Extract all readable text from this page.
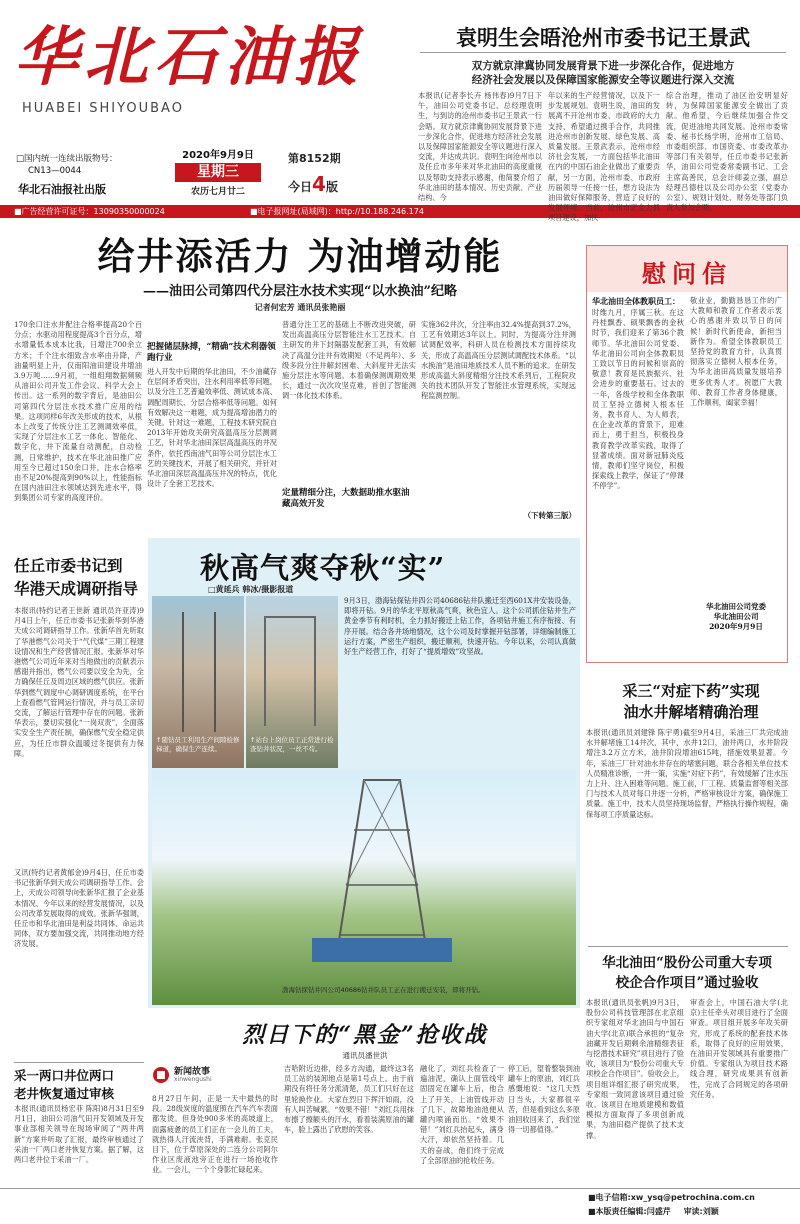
华北石油报
HUABEI SHIYOUBAO
□国内统一连续出版物号：
CN13—0044
华北石油报社出版
2020年9月9日
星期三
农历七月廿二
第8152期
今日4版
■广告经营许可证号：13090350000024	■电子报网址(局域网)：http://10.188.246.174
袁明生会晤沧州市委书记王景武
双方就京津冀协同发展背景下进一步深化合作，促进地方
经济社会发展以及保障国家能源安全等议题进行深入交流
本报讯(记者李长卉 杨伟春)9月7日下午，油田公司党委书记、总经理袁明生，与到访的沧州市委书记王景武一行会晤。双方就京津冀协同发展背景下进一步深化合作，促进地方经济社会发展以及保障国家能源安全等议题进行深入交流，并达成共识。袁明生向沧州市以及任丘市多年来对华北油田的高度重视以及帮助支持表示感谢，他简要介绍了华北油田的基本情况、历史贡献、产业结构、今
年以来的生产经营情况，以及下一步发展规划。袁明生说，油田的发展离不开沧州市委、市政府的大力支持，希望通过携手合作，共同推进沧州市创新发展、绿色发展、高质量发展。王景武表示，沧州市经济社会发展，一方面包括华北油田在内的中国石油企业做出了重要贡献，另一方面，沧州市委、市政府历届领导一任接一任，想方设法为油田做好保障服务，营造了良好的发展环境。当前，沧州市正全力抓项目建设，加快
综合治理，推动了油区治安明显好转，为保障国家能源安全做出了贡献。他希望，今后继续加强合作交流，促进油地共同发展。沧州市委常委、秘书长杨学明，沧州市工信局、市委组织部、市国资委、市委改革办等部门有关领导，任丘市委书记张新华，油田公司党委常委副书记、工会主席高善民，总会计师姜立强，副总经理吕德柱以及公司办公室（党委办公室）、规划计划处、财务处等部门负责人参加会晤。
给井添活力 为油增动能
——油田公司第四代分层注水技术实现“以水换油”纪略
记者何宏芳 通讯员张艳丽
170余口注水井配注合格率提高20个百分点；水驱动用程度提高3个百分点，增水增量低本成本比我，日增注700余立方米；千个注水细致含水率由升降，产油量明显上升，仅南阳油田建设井增油3.9万吨……9月初，一组组翔数据频频从油田公司开发工作会议、科学大会上传出。这一系列的数字背后，是油田公司第四代分层注水技术推广应用的结果。这项同样6年改关形成的技术，从根本上改变了传统分注工艺测调效率低，实现了分层注水工艺一体化、智能化、数字化，井下流量自动测配，自动检测，日常维护，技术在华北油田推广应用至今已超过150余口井，注水合格率由不足20%提高到90%以上，性能指标在国内油田注水领域达到先进水平，得到集团公司专家的高度评价。
把握储层脉搏，“精确”技术利器领跑行业
进入开发中后期的华北油田，不少油藏存在层间矛盾突出，注水利用率低等问题，以及分注工艺普遍效率低、测试成本高、调配周期长、分层合格率低等问题。如何有效解决这一难题，成为提高增油潜力的关键。针对这一难题，工程技术研究院自2013年开始攻关研究高温高压分层测调工艺，针对华北油田深层高温高压的井况条件，依托西南油气田等公司分层注水工艺的关键技术，开展了相关研究，并针对华北油田深层高温高压井况的特点，优化设计了全套工艺技术。
普通分注工艺的基础上不断改进突破，研发出高温高压分层智能注水工艺技术。自主研发的井下封隔器发配套工具，有效解决了高温分注井有效期短（不足两年）、多级多段分注井解封困难、大斜度井无法实施分层注水等问题。本着确保测调期效果长，通过一次次攻坚克难，首创了智能测调一体化技术体系。
定量精细分注，大数据助推水驱油藏高效开发
实施362井次，分注率由32.4%提高到37.2%，工艺有效期达3年以上。同时，为提高分注井测试调配效率，科研人员在检测技术方面持续攻关，形成了高温高压分层测试调配技术体系。“以水换油”是油田地质技术人员不断的追求。在研发形成高温大斜度精细分注技术系列后，工程院攻关的技术团队开发了智能注水管理系统，实现远程监测控制。
（下转第三版）
慰问信
华北油田全体教职员工：
时维九月，序属三秋。在这丹桂飘香、硕果飘香的金秋时节，我们迎来了第36个教师节。华北油田公司党委、华北油田公司向全体教职员工致以节日的问候和崇高的敬意！教育是民族振兴、社会进步的重要基石。过去的一年，各级学校和全体教职员工坚持立德树人根本任务，教书育人、为人师表，在企业改革的背景下，迎难而上，勇于担当，积极投身教育教学改革实践，取得了显著成绩。面对新冠肺炎疫情，教师们坚守岗位，积极探索线上教学，保证了“停课不停学”。
敬业业，勤勤恳恳工作的广大教师和教育工作者表示衷心的感谢并致以节日的问候！新时代新使命，新担当新作为。希望全体教职员工坚持党的教育方针，认真贯彻落实立德树人根本任务，为华北油田高质量发展培养更多优秀人才。祝愿广大教师、教育工作者身体健康，工作顺利，阖家幸福！
华北油田公司党委
华北油田公司
2020年9月9日
任丘市委书记到
华港天成调研指导
本报讯(特约记者王世新 通讯员许亚涛)9月4日上午，任丘市委书记张新华到华港天成公司调研指导工作。张新华首先听取了华港燃气公司关于“气代煤”三期工程建设情况和生产经营情况汇报。张新华对华港燃气公司近年来对当地做出的贡献表示感谢并指出，燃气公司要以安全为先，全力确保任丘及周边区域的燃气供应。张新华到燃气调度中心调研调度系统，在平台上查看燃气管网运行情况，并与员工亲切交流，了解运行管理中存在的问题。张新华表示，要切实强化“一岗双责”，全面落实安全生产责任制，确保燃气安全稳定供应，为任丘市群众温暖过冬提供有力保障。
又讯(特约记者黄郁金)9月4日，任丘市委书记张新华到天成公司调研指导工作。会上，天成公司领导向张新华汇报了企业基本情况、今年以来的经营发展情况，以及公司改革发展取得的成效。张新华强调，任丘市和华北油田是利益共同体、命运共同体，双方要加强交流，共同推动地方经济发展。
秋高气爽夺秋“实”
□黄延兵 韩冰/摄影报道
↑随钻员工利用生产间隙检修梯道，确保生产连续。
↑站台上岗位员工正常进行检查钻井状况，一丝不苟。
9月3日，渤海钻探钻井四公司40686钻井队搬迁至西601X井安装设备，即将开钻。9月的华北平原秋高气爽，秋色宜人。这个公司抓住钻井生产黄金季节有利时机，全力抓好搬迁上钻工作，各项钻井施工有序衔接、有序开展。结合各井场地情况，这个公司及时掌握开钻部署，详细编制施工运行方案，严密生产组织，搬迁顺利，快速开钻。今年以来，公司认真做好生产经营工作，打好了“提质增效”攻坚战。
渤海钻探钻井四公司40686钻井队员工正在进行搬迁安装，即将开钻。
采三“对症下药”实现
油水井解堵精确治理
本报讯(通讯员刘建锋 陈宇勇)截至9月4日，采油三厂共完成油水井解堵施工14井次，其中，水井12口，油井两口，水井阶段增注3.2万立方米，油井阶段增油615吨，措施效果显著。今年，采油三厂针对油水井存在的堵塞问题，联合各相关单位技术人员精准诊断，一井一策，实施“对症下药”，有效缓解了注水压力上升、注入困难等问题。施工前，厂工程、质量监督等相关部门与技术人员对每口井逐一分析，严格审核设计方案，确保施工质量。施工中，技术人员坚持现场监督，严格执行操作规程，确保每项工序质量达标。
华北油田“股份公司重大专项
校企合作项目”通过验收
本报讯(通讯员张帆)9月3日，股份公司科技管理部在北京组织专家组对华北油田与中国石油大学(北京)联合承担的“复杂油藏开发后期剩余油精细表征与挖潜技术研究”项目进行了验收，该项目为“股份公司重大专项校企合作项目”。验收会上，项目组详细汇报了研究成果，专家组一致同意该项目通过验收。该项目在地质建模和数值模拟方面取得了多项创新成果，为油田稳产提供了技术支撑。
审查会上，中国石油大学(北京)主任牵头对项目进行了全面审查。项目组开展多年攻关研究，形成了系统的配套技术体系，取得了良好的应用效果，在油田开发领域具有重要推广价值。专家组认为项目技术路线合理，研究成果具有创新性，完成了合同规定的各项研究任务。
烈日下的“黑金”抢收战
通讯员潘世洪
新闻故事
xinwengushi
8月27日午间，正是一天中最热的时段。28级炭度的温度照在汽车汽车表面都发烫。但身处900多米的高坡道上，面露疲惫的员工们正在一会儿的工夫，就热得人汗流浃背，手满难耐。张克民目下，位于草原深处的二连分公司阿尔作业区废液池旁正在进行一场抢收作业。一会儿，一个个身影忙碌起来。
吉哈附近边排，经多方沟通，最终这3名员工站的装卸地点是第1号点上。由于前期没有将任务分派清楚，员工们只好在这里轮换作业。大家在烈日下挥汗如雨，没有人叫苦喊累。“效果不错！”刘红兵用抹布擦了擦额头的汗水，看着装满原油的罐车，脸上露出了欣慰的笑容。
融化了，刘红兵检查了一遍油泥，确认上面管线牢固固定在罐车上后，他合上了开关，上油管线开动了几下，故障地油池便从罐内喷涌而出。“效果不错！”刘红兵抬起头，满身大汗，却依然坚持着。几天的奋战，他们终于完成了全部原油的抢收任务。
停工后，望着整装到油罐车上的原油，刘红兵感慨地说：“这几天烈日当头，大家都很辛苦，但是看到这么多原油回收回来了，我们觉得一切都值得。”
采一两口井位两口
老井恢复通过审核
本报讯(通讯员杨宏菲 陈阳)8月31日至9月1日，油田公司油气田开发领域及开发事业部相关领导在现场审阅了“两井两新”方案并听取了汇报，最终审核通过了采油一厂两口老井恢复方案。据了解，这两口老井位于采油一厂。
■电子信箱:xw_ysq@petrochina.com.cn
■本版责任编辑:闫盛芹 审读:刘颖
